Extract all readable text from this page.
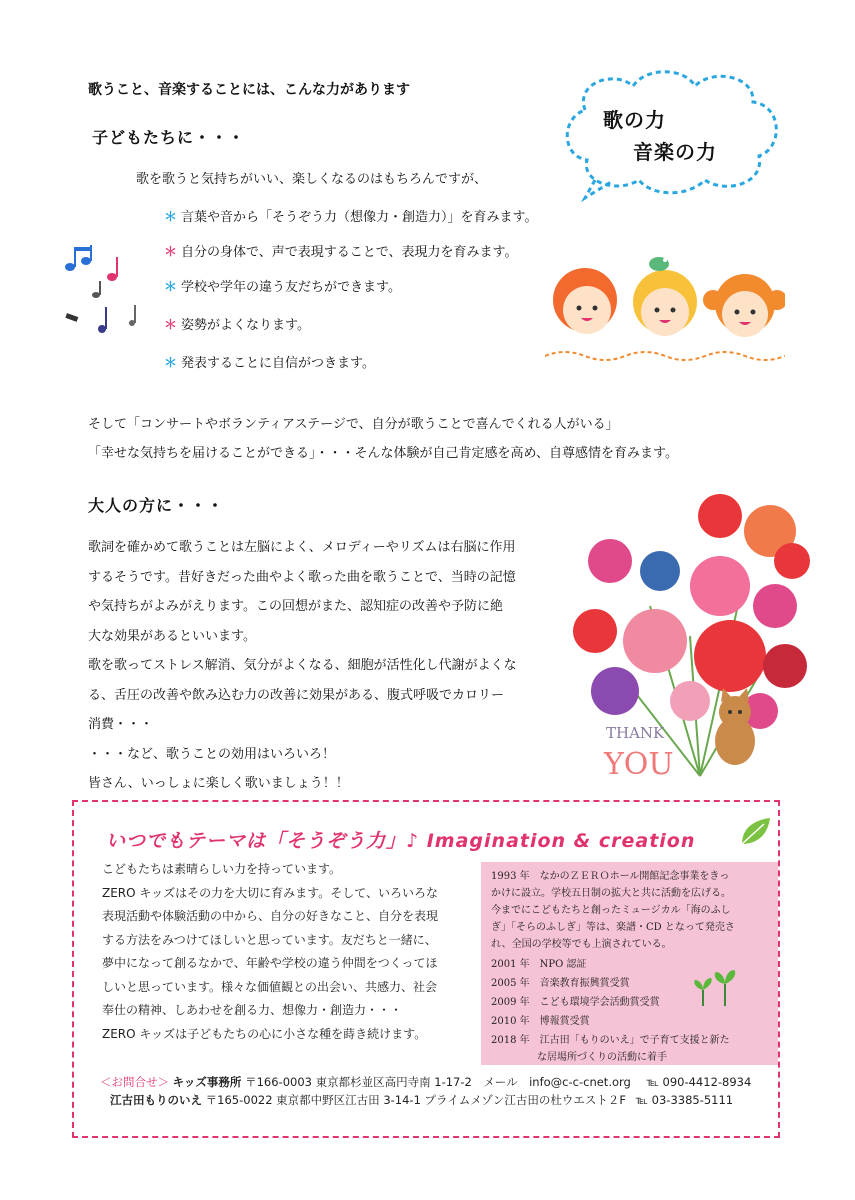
歌うこと、音楽することには、こんな力があります
歌の力
音楽の力
子どもたちに・・・
歌を歌うと気持ちがいい、楽しくなるのはもちろんですが、
＊ 言葉や音から「そうぞう力（想像力・創造力）」を育みます。
＊ 自分の身体で、声で表現することで、表現力を育みます。
＊ 学校や学年の違う友だちができます。
＊ 姿勢がよくなります。
＊ 発表することに自信がつきます。
そして「コンサートやボランティアステージで、自分が歌うことで喜んでくれる人がいる」
「幸せな気持ちを届けることができる」・・・そんな体験が自己肯定感を高め、自尊感情を育みます。
大人の方に・・・
歌詞を確かめて歌うことは左脳によく、メロディーやリズムは右脳に作用
するそうです。昔好きだった曲やよく歌った曲を歌うことで、当時の記憶
や気持ちがよみがえります。この回想がまた、認知症の改善や予防に絶
大な効果があるといいます。
歌を歌ってストレス解消、気分がよくなる、細胞が活性化し代謝がよくな
る、舌圧の改善や飲み込む力の改善に効果がある、腹式呼吸でカロリー
消費・・・
・・・など、歌うことの効用はいろいろ！
皆さん、いっしょに楽しく歌いましょう！！
THANK
YOU
いつでもテーマは「そうぞう力」♪ Imagination & creation
こどもたちは素晴らしい力を持っています。
ZERO キッズはその力を大切に育みます。そして、いろいろな
表現活動や体験活動の中から、自分の好きなこと、自分を表現
する方法をみつけてほしいと思っています。友だちと一緒に、
夢中になって創るなかで、年齢や学校の違う仲間をつくってほ
しいと思っています。様々な価値観との出会い、共感力、社会
奉仕の精神、しあわせを創る力、想像力・創造力・・・
ZERO キッズは子どもたちの心に小さな種を蒔き続けます。
1993 年　なかのＺＥＲＯホール開館記念事業をきっ
かけに設立。学校五日制の拡大と共に活動を広げる。
今までにこどもたちと創ったミュージカル「海のふし
ぎ」「そらのふしぎ」等は、楽譜・CD となって発売さ
れ、全国の学校等でも上演されている。
2001 年　 NPO 認証
2005 年　 音楽教育振興賞受賞
2009 年　 こども環境学会活動賞受賞
2010 年　 博報賞受賞
2018 年　 江古田「もりのいえ」で子育て支援と新た
な居場所づくりの活動に着手
＜お問合せ＞ キッズ事務所 〒166-0003 東京都杉並区高円寺南 1-17-2　メール　info@c-c-cnet.org ℡ 090-4412-8934
江古田もりのいえ 〒165-0022 東京都中野区江古田 3-14-1 プライムメゾン江古田の杜ウエスト２F ℡ 03-3385-5111
